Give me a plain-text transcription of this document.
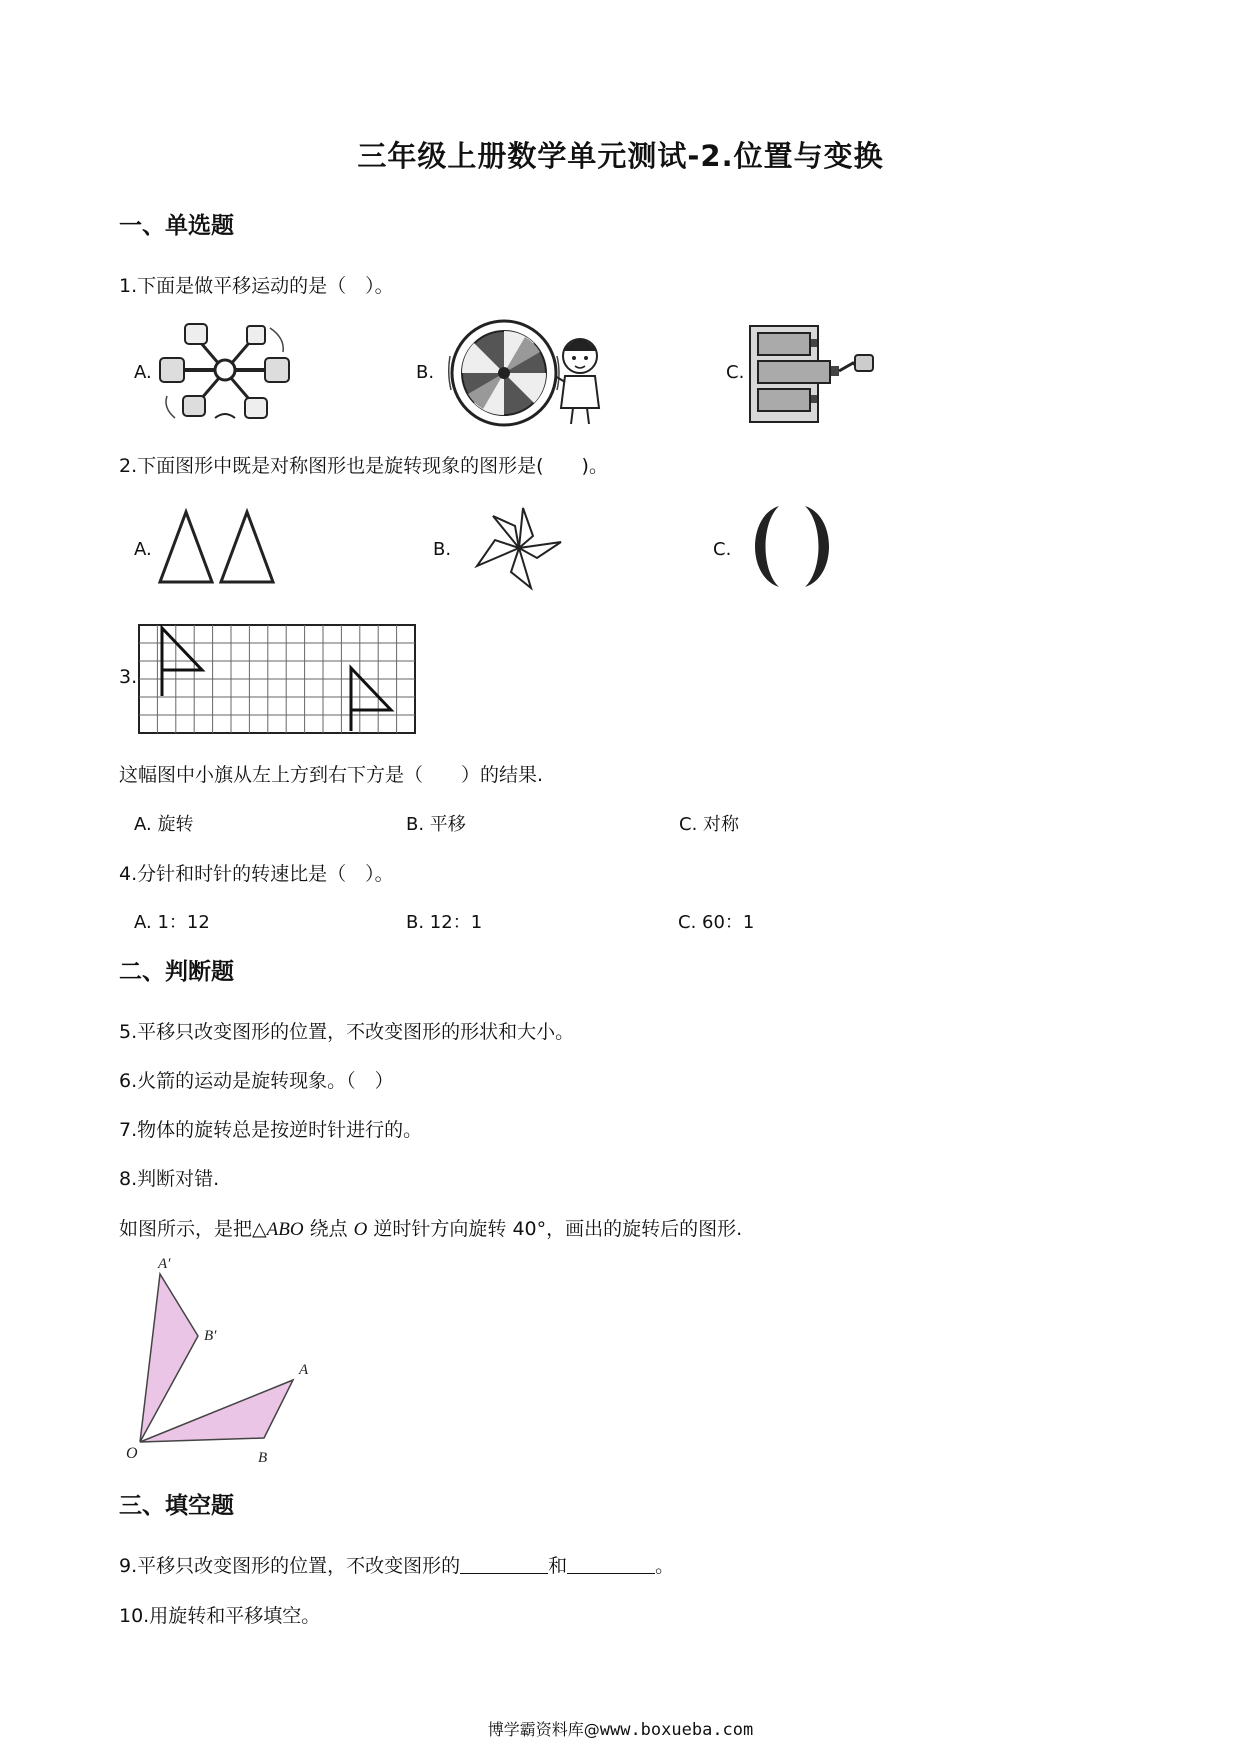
三年级上册数学单元测试-2.位置与变换
一、单选题
1.下面是做平移运动的是（　）。
A.	B.	C.
2.下面图形中既是对称图形也是旋转现象的图形是(　　)。
A.	B.	C.
3.
这幅图中小旗从左上方到右下方是（　　）的结果.
A. 旋转	B. 平移	C. 对称
4.分针和时针的转速比是（　）。
A. 1：12	B. 12：1	C. 60：1
二、判断题
5.平移只改变图形的位置，不改变图形的形状和大小。
6.火箭的运动是旋转现象。（　）
7.物体的旋转总是按逆时针进行的。
8.判断对错.
如图所示，是把△ABO 绕点 O 逆时针方向旋转 40°，画出的旋转后的图形.
A′
B′
A
B
O
三、填空题
9.平移只改变图形的位置，不改变图形的	和	。
10.用旋转和平移填空。
博学霸资料库@www.boxueba.com
